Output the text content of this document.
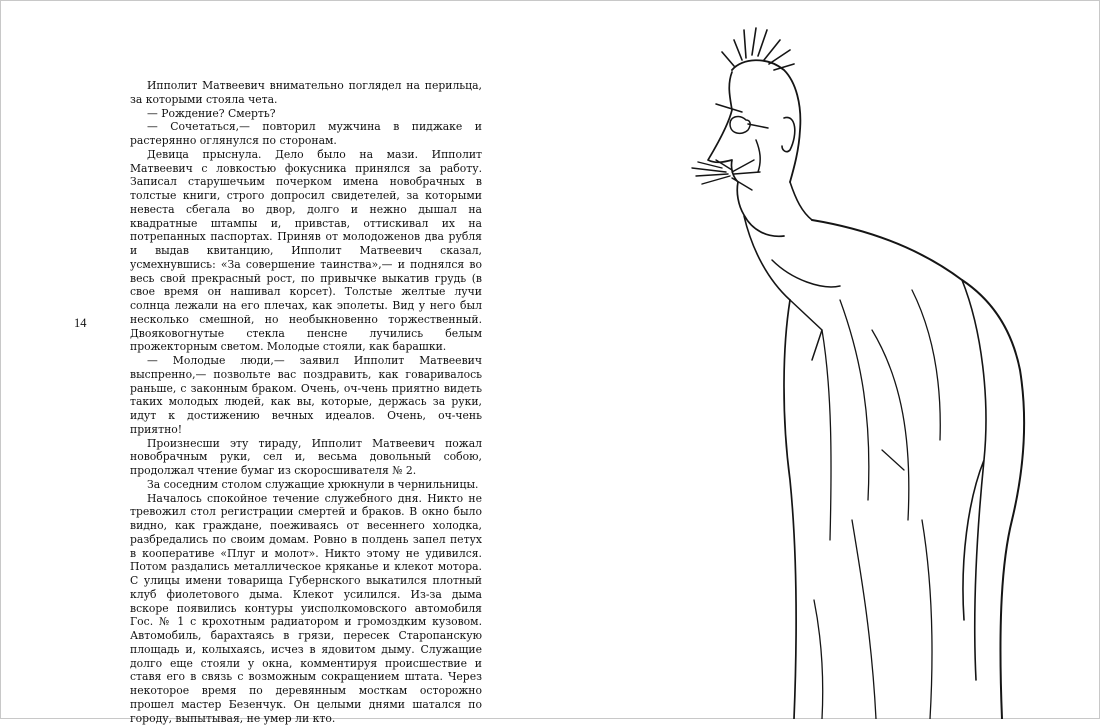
14

Ипполит Матвеевич внимательно поглядел на перильца, за которыми стояла чета.

— Рождение? Смерть?

— Сочетаться,— повторил мужчина в пиджаке и растерянно оглянулся по сторонам.

Девица прыснула. Дело было на мази. Ипполит Матвеевич с ловкостью фокусника принялся за работу. Записал старушечьим почерком имена новобрачных в толстые книги, строго допросил свидетелей, за которыми невеста сбегала во двор, долго и нежно дышал на квадратные штампы и, привстав, оттискивал их на потрепанных паспортах. Приняв от молодоженов два рубля и выдав квитанцию, Ипполит Матвеевич сказал, усмехнувшись: «За совершение таинства»,— и поднялся во весь свой прекрасный рост, по привычке выкатив грудь (в свое время он нашивал корсет). Толстые желтые лучи солнца лежали на его плечах, как эполеты. Вид у него был несколько смешной, но необыкновенно торжественный. Двояковогнутые стекла пенсне лучились белым прожекторным светом. Молодые стояли, как барашки.

— Молодые люди,— заявил Ипполит Матвеевич выспренно,— позвольте вас поздравить, как говаривалось раньше, с законным браком. Очень, оч-чень приятно видеть таких молодых людей, как вы, которые, держась за руки, идут к достижению вечных идеалов. Очень, оч-чень приятно!

Произнесши эту тираду, Ипполит Матвеевич пожал новобрачным руки, сел и, весьма довольный собою, продолжал чтение бумаг из скоросшивателя № 2.

За соседним столом служащие хрюкнули в чернильницы.

Началось спокойное течение служебного дня. Никто не тревожил стол регистрации смертей и браков. В окно было видно, как граждане, поеживаясь от весеннего холодка, разбредались по своим домам. Ровно в полдень запел петух в кооперативе «Плуг и молот». Никто этому не удивился. Потом раздались металлическое кряканье и клекот мотора. С улицы имени товарища Губернского выкатился плотный клуб фиолетового дыма. Клекот усилился. Из-за дыма вскоре появились контуры уисполкомовского автомобиля Гос. № 1 с крохотным радиатором и громоздким кузовом. Автомобиль, барахтаясь в грязи, пересек Старопанскую площадь и, колыхаясь, исчез в ядовитом дыму. Служащие долго еще стояли у окна, комментируя происшествие и ставя его в связь с возможным сокращением штата. Через некоторое время по деревянным мосткам осторожно прошел мастер Безенчук. Он целыми днями шатался по городу, выпытывая, не умер ли кто.
